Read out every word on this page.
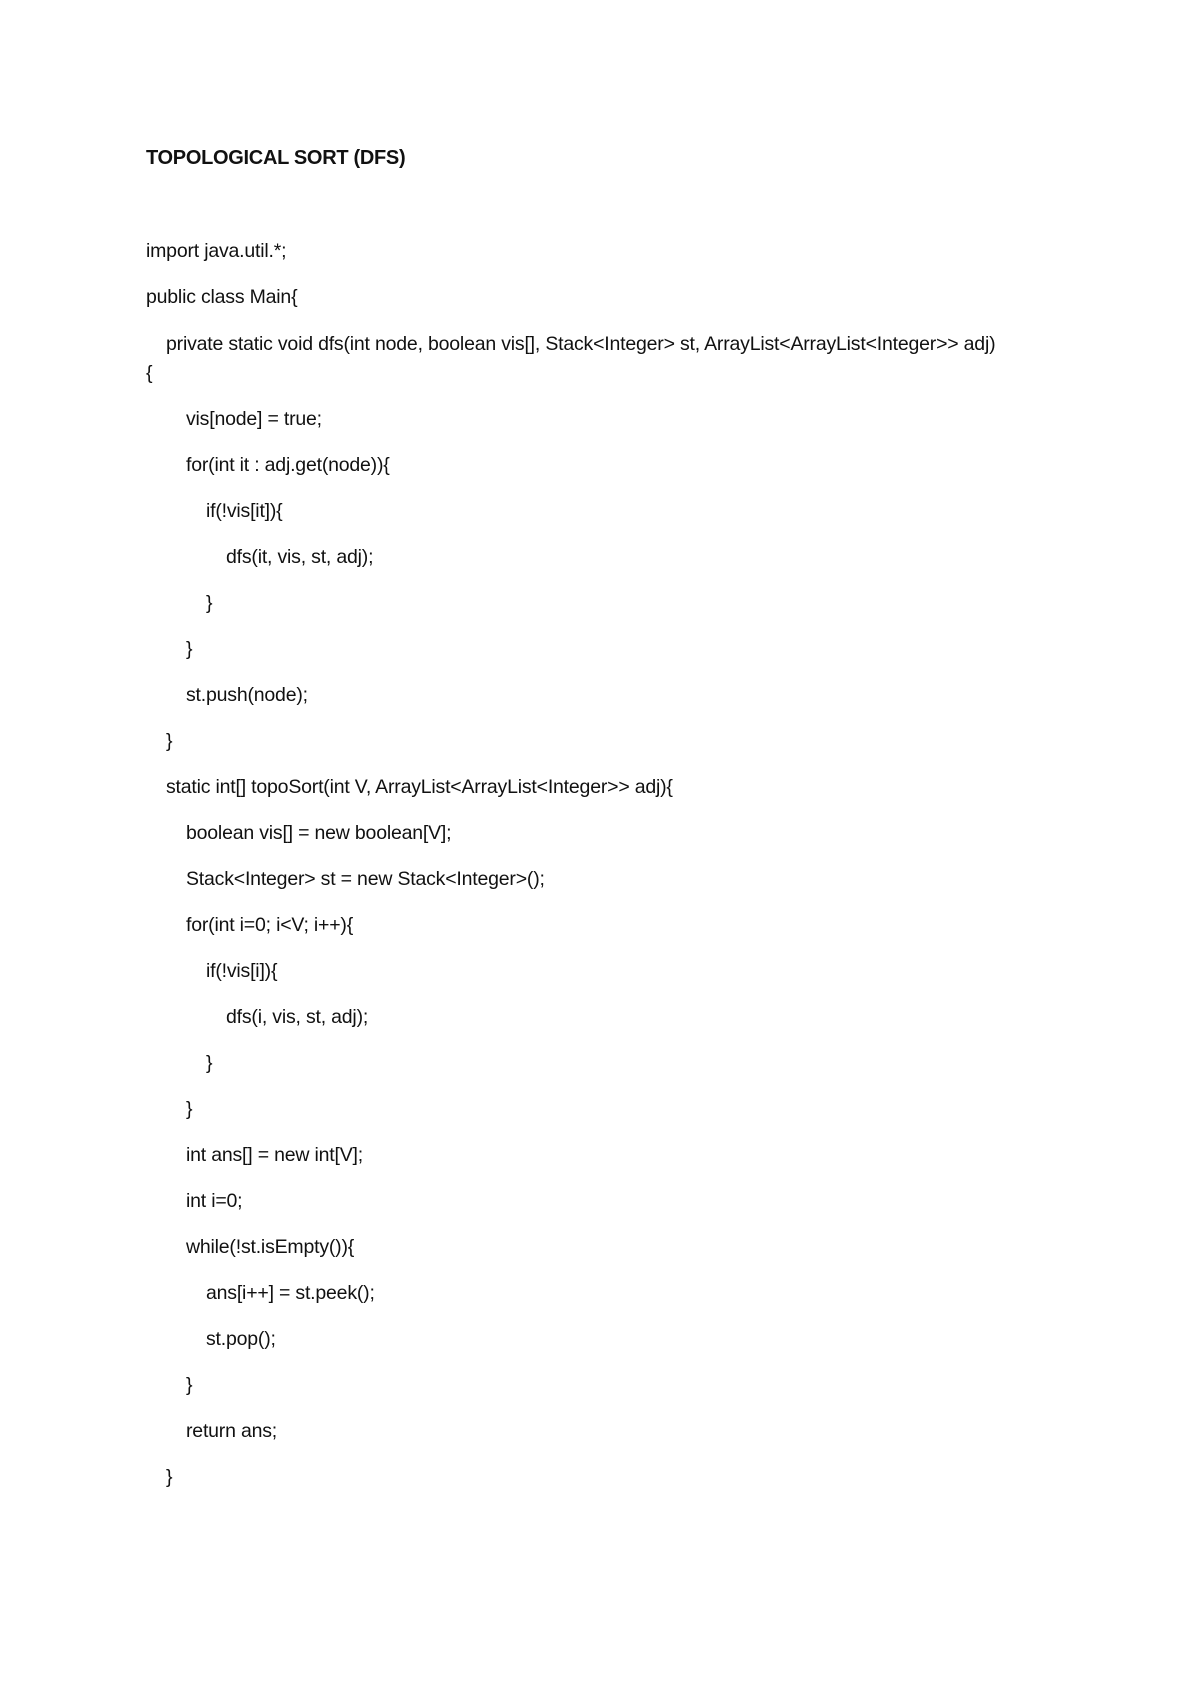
TOPOLOGICAL SORT (DFS)
import java.util.*;
public class Main{
private static void dfs(int node, boolean vis[], Stack<Integer> st, ArrayList<ArrayList<Integer>> adj)
{
vis[node] = true;
for(int it : adj.get(node)){
if(!vis[it]){
dfs(it, vis, st, adj);
}
}
st.push(node);
}
static int[] topoSort(int V, ArrayList<ArrayList<Integer>> adj){
boolean vis[] = new boolean[V];
Stack<Integer> st = new Stack<Integer>();
for(int i=0; i<V; i++){
if(!vis[i]){
dfs(i, vis, st, adj);
}
}
int ans[] = new int[V];
int i=0;
while(!st.isEmpty()){
ans[i++] = st.peek();
st.pop();
}
return ans;
}
